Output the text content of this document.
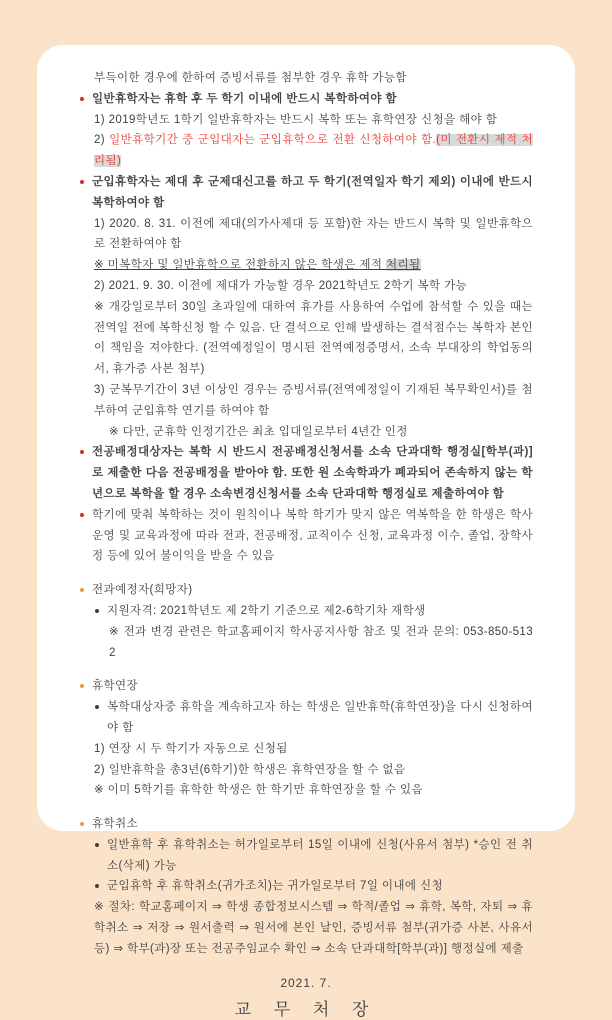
부득이한 경우에 한하여 증빙서류를 첨부한 경우 휴학 가능함
일반휴학자는 휴학 후 두 학기 이내에 반드시 복학하여야 함
1) 2019학년도 1학기 일반휴학자는 반드시 복학 또는 휴학연장 신청을 해야 함
2) 일반휴학기간 중 군입대자는 군입휴학으로 전환 신청하여야 함.(미 전환시 제적 처리됨)
군입휴학자는 제대 후 군제대신고를 하고 두 학기(전역일자 학기 제외) 이내에 반드시 복학하여야 함
1) 2020. 8. 31. 이전에 제대(의가사제대 등 포함)한 자는 반드시 복학 및 일반휴학으로 전환하여야 함
※ 미복학자 및 일반휴학으로 전환하지 않은 학생은 제적 처리됨
2) 2021. 9. 30. 이전에 제대가 가능할 경우 2021학년도 2학기 복학 가능
※ 개강일로부터 30일 초과일에 대하여 휴가를 사용하여 수업에 참석할 수 있을 때는 전역일 전에 복학신청 할 수 있음. 단 결석으로 인해 발생하는 결석점수는 복학자 본인이 책임을 져야한다. (전역예정일이 명시된 전역예정증명서, 소속 부대장의 학업동의서, 휴가증 사본 첨부)
3) 군복무기간이 3년 이상인 경우는 증빙서류(전역예정일이 기재된 복무확인서)를 첨부하여 군입휴학 연기를 하여야 함
※ 다만, 군휴학 인정기간은 최초 입대일로부터 4년간 인정
전공배정대상자는 복학 시 반드시 전공배정신청서를 소속 단과대학 행정실[학부(과)]로 제출한 다음 전공배정을 받아야 함. 또한 원 소속학과가 폐과되어 존속하지 않는 학년으로 복학을 할 경우 소속변경신청서를 소속 단과대학 행정실로 제출하여야 함
학기에 맞춰 복학하는 것이 원칙이나 복학 학기가 맞지 않은 역복학을 한 학생은 학사운영 및 교육과정에 따라 전과, 전공배정, 교직이수 신청, 교육과정 이수, 졸업, 장학사정 등에 있어 불이익을 받을 수 있음
전과예정자(희망자)
지원자격: 2021학년도 제 2학기 기준으로 제2-6학기차 재학생
※ 전과 변경 관련은 학교홈페이지 학사공지사항 참조 및 전과 문의: 053-850-5132
휴학연장
복학대상자중 휴학을 계속하고자 하는 학생은 일반휴학(휴학연장)을 다시 신청하여야 함
1) 연장 시 두 학기가 자동으로 신청됨
2) 일반휴학을 총3년(6학기)한 학생은 휴학연장을 할 수 없음
※ 이미 5학기를 휴학한 학생은 한 학기만 휴학연장을 할 수 있음
휴학취소
일반휴학 후 휴학취소는 허가일로부터 15일 이내에 신청(사유서 첨부) *승인 전 취소(삭제) 가능
군입휴학 후 휴학취소(귀가조치)는 귀가일로부터 7일 이내에 신청
※ 절차: 학교홈페이지 ⇒ 학생 종합정보시스템 ⇒ 학적/졸업 ⇒ 휴학, 복학, 자퇴 ⇒ 휴학취소 ⇒ 저장 ⇒ 원서출력 ⇒ 원서에 본인 날인, 증빙서류 첨부(귀가증 사본, 사유서 등) ⇒ 학부(과)장 또는 전공주임교수 확인 ⇒ 소속 단과대학[학부(과)] 행정실에 제출
2021. 7.
교 무 처 장
